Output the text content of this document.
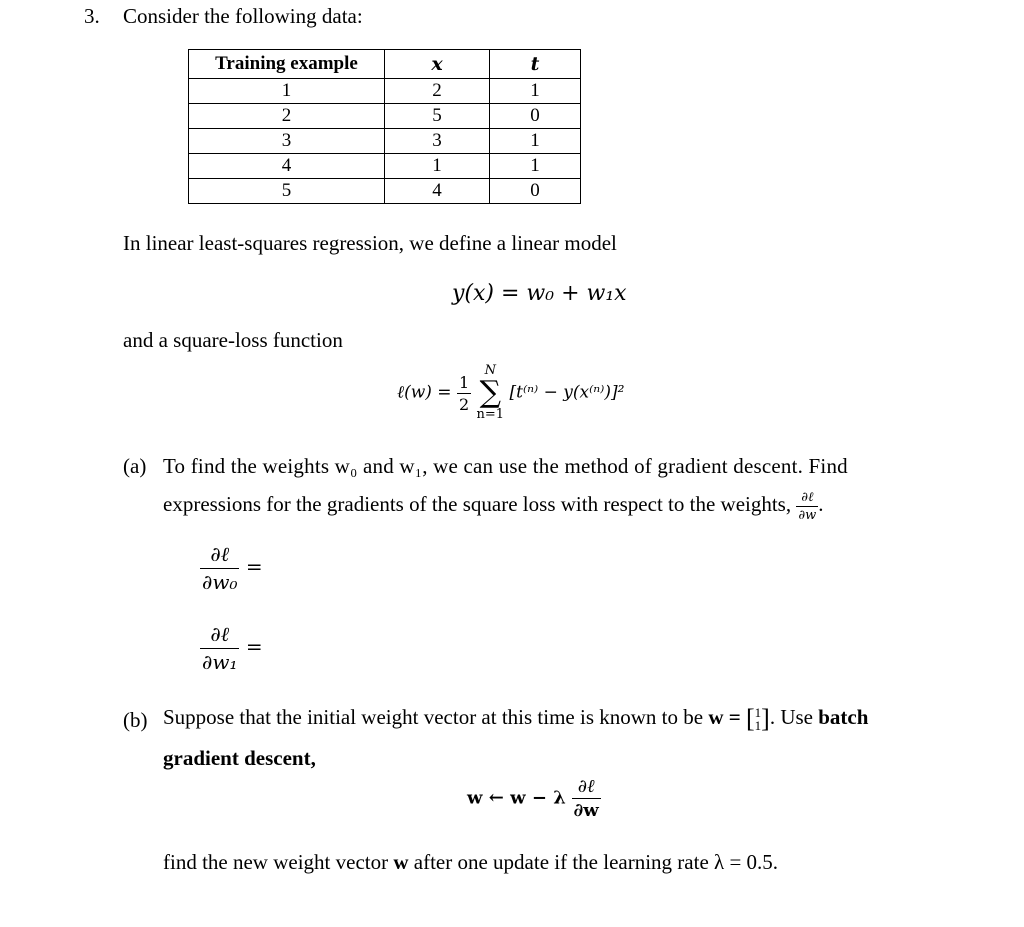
3. Consider the following data:
Training example	x	t
1	2	1
2	5	0
3	3	1
4	1	1
5	4	0
In linear least-squares regression, we define a linear model
y(x) = w₀ + w₁x
and a square-loss function
ℓ(w) = $\frac{1}{2}$

N
∑
n=1
[t⁽ⁿ⁾ − y(x⁽ⁿ⁾)]²
(a) To find the weights w₀ and w₁, we can use the method of gradient descent. Find
expressions for the gradients of the square loss with respect to the weights, $\frac{\text{∂ℓ}}{\partial w}$ .
$\frac{\text{∂ℓ}}{\text{∂w₀}}$ =
$\frac{\text{∂ℓ}}{\text{∂w₁}}$ =
(b) Suppose that the initial weight vector at this time is known to be w = [ 1
1 ]. Use batch
gradient descent,
w ← w − λ $\frac{\text{∂ℓ}}{\partial w}$
find the new weight vector w after one update if the learning rate λ = 0.5.
